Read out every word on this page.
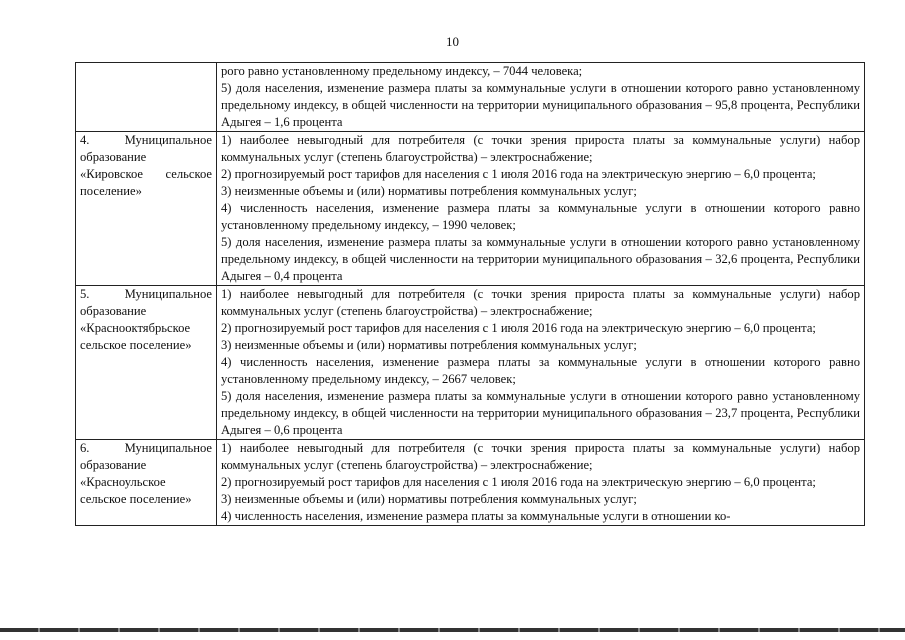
10

	рого равно установленному предельному индексу, – 7044 человека;
5) доля населения, изменение размера платы за коммунальные услуги в отношении которого равно установленному предельному индексу, в общей численности на территории муниципального образования – 95,8 процента, Республики Адыгея – 1,6 процента

4. Муниципальное образование «Кировское сельское поселение»	1) наиболее невыгодный для потребителя (с точки зрения прироста платы за коммунальные услуги) набор коммунальных услуг (степень благоустройства) – электроснабжение;
2) прогнозируемый рост тарифов для населения с 1 июля 2016 года на электрическую энергию – 6,0 процента;
3) неизменные объемы и (или) нормативы потребления коммунальных услуг;
4) численность населения, изменение размера платы за коммунальные услуги в отношении которого равно установленному предельному индексу, – 1990 человек;
5) доля населения, изменение размера платы за коммунальные услуги в отношении которого равно установленному предельному индексу, в общей численности на территории муниципального образования – 32,6 процента, Республики Адыгея – 0,4 процента

5. Муниципальное образование «Красноoктябрьское сельское поселение»	1) наиболее невыгодный для потребителя (с точки зрения прироста платы за коммунальные услуги) набор коммунальных услуг (степень благоустройства) – электроснабжение;
2) прогнозируемый рост тарифов для населения с 1 июля 2016 года на электрическую энергию – 6,0 процента;
3) неизменные объемы и (или) нормативы потребления коммунальных услуг;
4) численность населения, изменение размера платы за коммунальные услуги в отношении которого равно установленному предельному индексу, – 2667 человек;
5) доля населения, изменение размера платы за коммунальные услуги в отношении которого равно установленному предельному индексу, в общей численности на территории муниципального образования – 23,7 процента, Республики Адыгея – 0,6 процента

6. Муниципальное образование «Красноульское сельское поселение»	1) наиболее невыгодный для потребителя (с точки зрения прироста платы за коммунальные услуги) набор коммунальных услуг (степень благоустройства) – электроснабжение;
2) прогнозируемый рост тарифов для населения с 1 июля 2016 года на электрическую энергию – 6,0 процента;
3) неизменные объемы и (или) нормативы потребления коммунальных услуг;
4) численность населения, изменение размера платы за коммунальные услуги в отношении ко-
